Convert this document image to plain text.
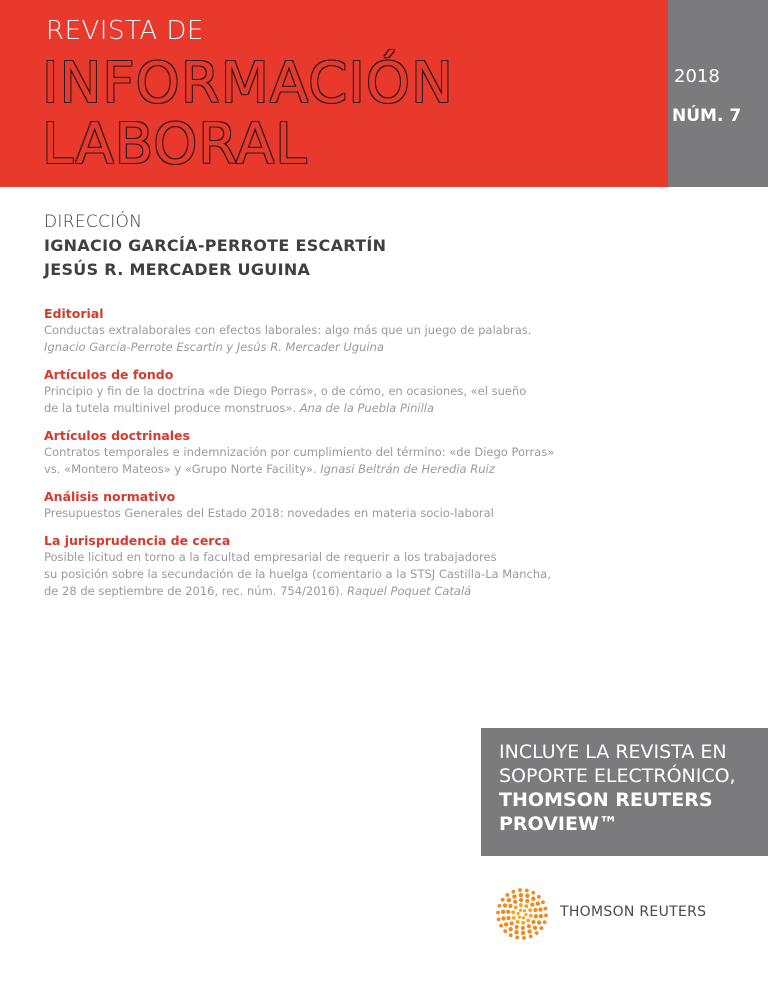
REVISTA DE
INFORMACIÓN
LABORAL
2018
NÚM. 7
DIRECCIÓN
IGNACIO GARCÍA-PERROTE ESCARTÍN
JESÚS R. MERCADER UGUINA
Editorial
Conductas extralaborales con efectos laborales: algo más que un juego de palabras.
Ignacio García-Perrote Escartín y Jesús R. Mercader Uguina
Artículos de fondo
Principio y fin de la doctrina «de Diego Porras», o de cómo, en ocasiones, «el sueño
de la tutela multinivel produce monstruos». Ana de la Puebla Pinilla
Artículos doctrinales
Contratos temporales e indemnización por cumplimiento del término: «de Diego Porras»
vs. «Montero Mateos» y «Grupo Norte Facility». Ignasi Beltrán de Heredia Ruiz
Análisis normativo
Presupuestos Generales del Estado 2018: novedades en materia socio-laboral
La jurisprudencia de cerca
Posible licitud en torno a la facultad empresarial de requerir a los trabajadores
su posición sobre la secundación de la huelga (comentario a la STSJ Castilla-La Mancha,
de 28 de septiembre de 2016, rec. núm. 754/2016). Raquel Poquet Catalá
INCLUYE LA REVISTA EN
SOPORTE ELECTRÓNICO,
THOMSON REUTERS
PROVIEW™
THOMSON REUTERS
